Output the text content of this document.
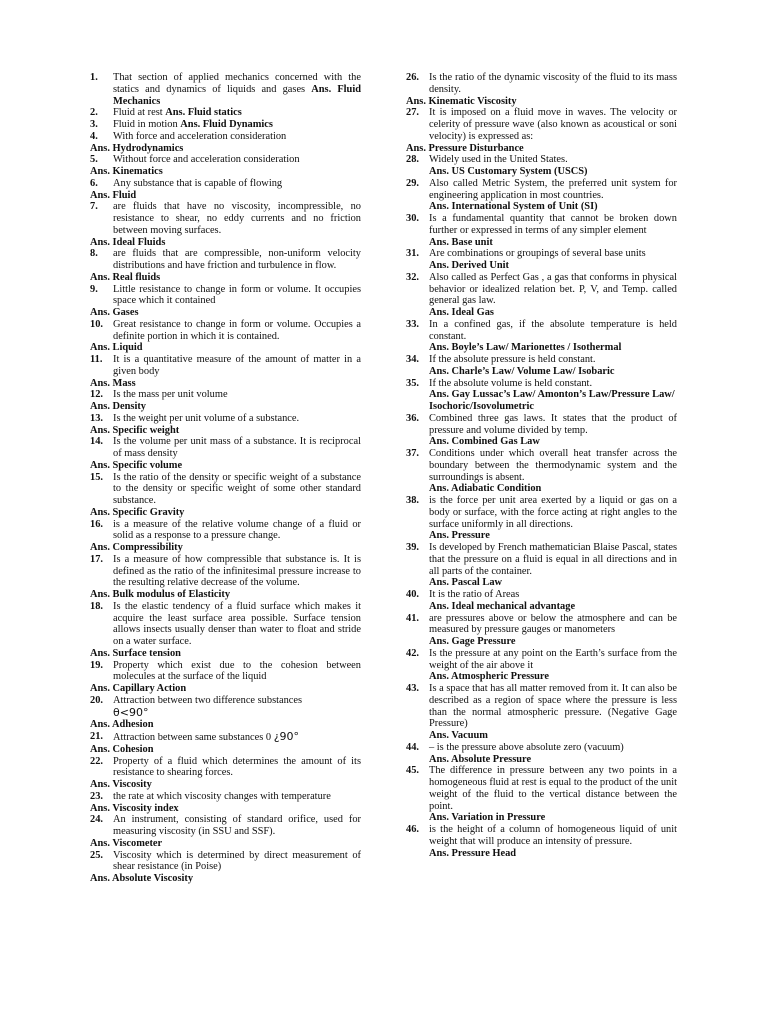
1.	That section of applied mechanics concerned with the statics and dynamics of liquids and gases Ans. Fluid Mechanics
2.	Fluid at rest Ans. Fluid statics
3.	Fluid in motion Ans. Fluid Dynamics
4.	With force and acceleration consideration
Ans. Hydrodynamics
5.	Without force and acceleration consideration
Ans. Kinematics
6.	Any substance that is capable of flowing
Ans. Fluid
7.	are fluids that have no viscosity, incompressible, no resistance to shear, no eddy currents and no friction between moving surfaces.
Ans. Ideal Fluids
8.	are fluids that are compressible, non-uniform velocity distributions and have friction and turbulence in flow.
Ans. Real fluids
9.	Little resistance to change in form or volume. It occupies space which it contained
Ans. Gases
10. Great resistance to change in form or volume. Occupies a definite portion in which it is contained.
Ans. Liquid
11.	It is a quantitative measure of the amount of matter in a given body
Ans. Mass
12. Is the mass per unit volume
Ans. Density
13. Is the weight per unit volume of a substance.
Ans. Specific weight
14. Is the volume per unit mass of a substance. It is reciprocal of mass density
Ans. Specific volume
15. Is the ratio of the density or specific weight of a substance to the density or specific weight of some other standard substance.
Ans. Specific Gravity
16. is a measure of the relative volume change of a fluid or solid as a response to a pressure change.
Ans. Compressibility
17. Is a measure of how compressible that substance is. It is defined as the ratio of the infinitesimal pressure increase to the resulting relative decrease of the volume.
Ans. Bulk modulus of Elasticity
18. Is the elastic tendency of a fluid surface which makes it acquire the least surface area possible. Surface tension allows insects usually denser than water to float and stride on a water surface.
Ans. Surface tension
19. Property which exist due to the cohesion between molecules at the surface of the liquid
Ans. Capillary Action
20. Attraction between two difference substances
θ<90°
Ans. Adhesion
21. Attraction between same substances 0 ¿90°
Ans. Cohesion
22. Property of a fluid which determines the amount of its resistance to shearing forces.
Ans. Viscosity
23. the rate at which viscosity changes with temperature
Ans. Viscosity index
24. An instrument, consisting of standard orifice, used for measuring viscosity (in SSU and SSF).
Ans. Viscometer
25. Viscosity which is determined by direct measurement of shear resistance (in Poise)
Ans. Absolute Viscosity
26. Is the ratio of the dynamic viscosity of the fluid to its mass density.
Ans. Kinematic Viscosity
27. It is imposed on a fluid move in waves. The velocity or celerity of pressure wave (also known as acoustical or soni velocity) is expressed as:
Ans. Pressure Disturbance
28. Widely used in the United States.
Ans. US Customary System (USCS)
29. Also called Metric System, the preferred unit system for engineering application in most countries.
Ans. International System of Unit (SI)
30. Is a fundamental quantity that cannot be broken down further or expressed in terms of any simpler element
Ans. Base unit
31. Are combinations or groupings of several base units
Ans. Derived Unit
32. Also called as Perfect Gas , a gas that conforms in physical behavior or idealized relation bet. P, V, and Temp. called general gas law.
Ans. Ideal Gas
33. In a confined gas, if the absolute temperature is held constant.
Ans. Boyle’s Law/ Marionettes / Isothermal
34. If the absolute pressure is held constant.
Ans. Charle’s Law/ Volume Law/ Isobaric
35. If the absolute volume is held constant.
Ans. Gay Lussac’s Law/ Amonton’s Law/Pressure Law/ Isochoric/Isovolumetric
36. Combined three gas laws. It states that the product of pressure and volume divided by temp.
Ans. Combined Gas Law
37. Conditions under which overall heat transfer across the boundary between the thermodynamic system and the surroundings is absent.
Ans. Adiabatic Condition
38. is the force per unit area exerted by a liquid or gas on a body or surface, with the force acting at right angles to the surface uniformly in all directions.
Ans. Pressure
39. Is developed by French mathematician Blaise Pascal, states that the pressure on a fluid is equal in all directions and in all parts of the container.
Ans. Pascal Law
40. It is the ratio of Areas
Ans. Ideal mechanical advantage
41. are pressures above or below the atmosphere and can be measured by pressure gauges or manometers
Ans. Gage Pressure
42. Is the pressure at any point on the Earth’s surface from the weight of the air above it
Ans. Atmospheric Pressure
43. Is a space that has all matter removed from it. It can also be described as a region of space where the pressure is less than the normal atmospheric pressure. (Negative Gage Pressure)
Ans. Vacuum
44. – is the pressure above absolute zero (vacuum)
Ans. Absolute Pressure
45. The difference in pressure between any two points in a homogeneous fluid at rest is equal to the product of the unit weight of the fluid to the vertical distance between the point.
Ans. Variation in Pressure
46. is the height of a column of homogeneous liquid of unit weight that will produce an intensity of pressure.
Ans. Pressure Head
